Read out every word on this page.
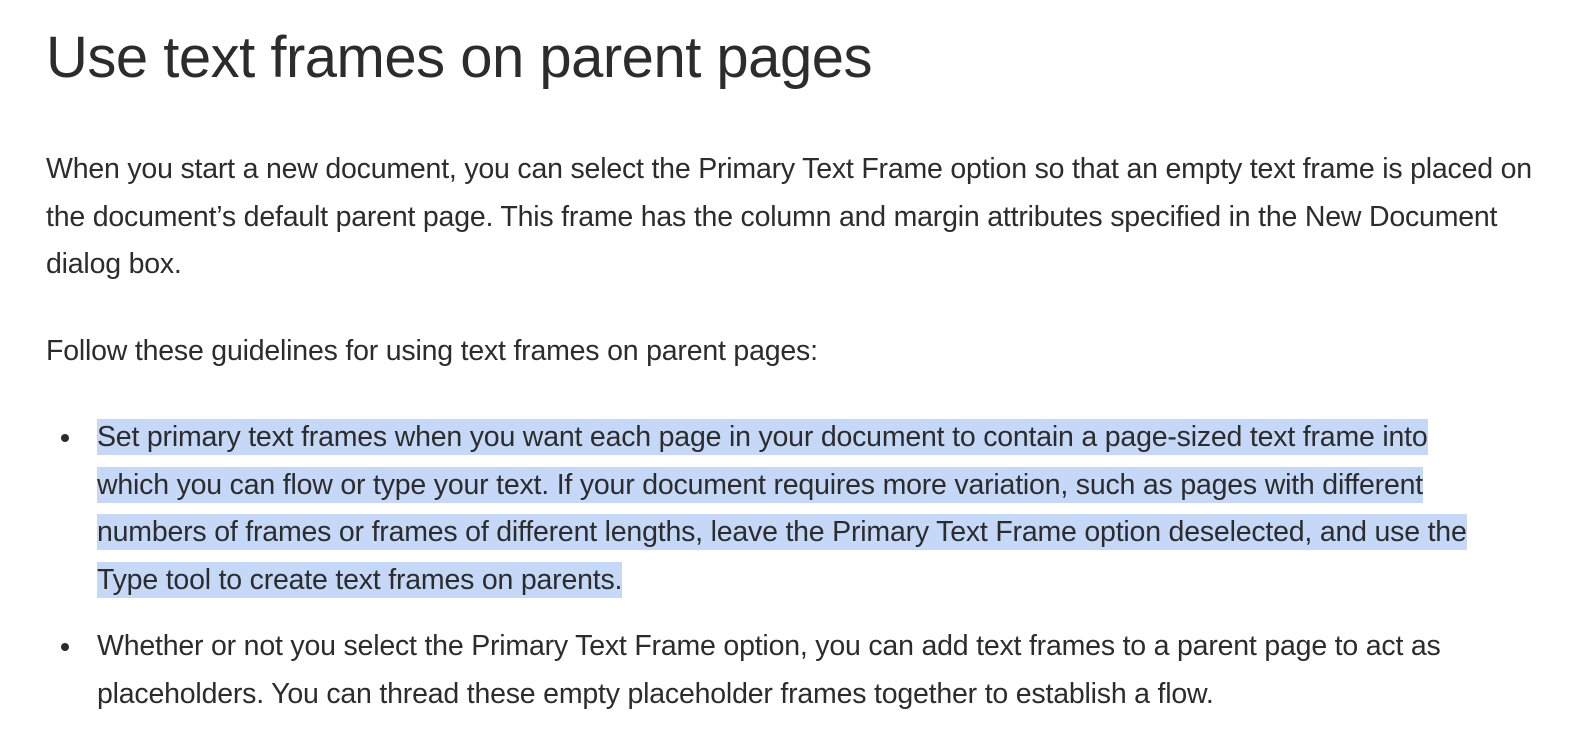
Use text frames on parent pages

When you start a new document, you can select the Primary Text Frame option so that an empty text frame is placed on the document’s default parent page. This frame has the column and margin attributes specified in the New Document dialog box.

Follow these guidelines for using text frames on parent pages:

Set primary text frames when you want each page in your document to contain a page-sized text frame into which you can flow or type your text. If your document requires more variation, such as pages with different numbers of frames or frames of different lengths, leave the Primary Text Frame option deselected, and use the Type tool to create text frames on parents.
Whether or not you select the Primary Text Frame option, you can add text frames to a parent page to act as placeholders. You can thread these empty placeholder frames together to establish a flow.
